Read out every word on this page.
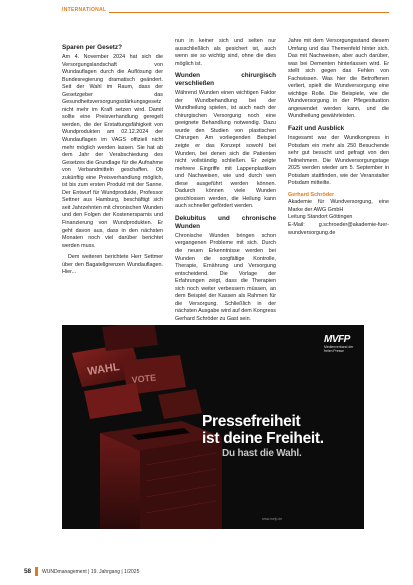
INTERNATIONAL
Sparen per Gesetz?

Am 4. November 2024 hat sich die Versorgungslandschaft von Wundauflagen durch die Auflösung der Bundesregierung dramatisch geändert. Seit der Wahl im Raum, dass der Gesetzgeber das Gesundheitsversorgungsstärkungsgesetz nicht mehr im Kraft setzen wird. Damit sollte eine Preisverhandlung geregelt werden, die der Erstattungsfähigkeit von Wundprodukten am 02.12.2024 der Wundauflagen im VAGS offiziell nicht mehr möglich werden lassen. Sie hat ab dem Jahr der Verabschiedung des Gesetzes die Grundlage für die Aufnahme von Verbandmitteln geschaffen. Ob zukünftig eine Preisverhandlung möglich, ist bis zum ersten Produkt mit der Sanne. Der Entwurf für Wundprodukte, Professor Settner aus Hamburg, beschäftigt sich seit Jahrzehnten mit chronischen Wunden und den Folgen der Kostenersparnis und Finanzierung von Wundprodukten. Er geht davon aus, dass in den nächsten Monaten noch viel darüber berichtet werden muss.

Dem weiteren berichtete Herr Settmer über den Bagatellgrenzen Wundauflagen. Hier...

nun in keiner sich und selten nur ausschließlich als gesichert ist, auch wenn sie so wichtig sind, ohne die dies möglich ist.

Wunden chirurgisch verschließen

Während Wunden einen wichtigen Faktor der Wundbehandlung bei der Wundheilung spielen, ist auch nach der chirurgischen Versorgung noch eine geeignete Behandlung notwendig. Dazu wurde den Studien von plastischen Chirurgen Am vorliegenden Beispiel zeigte er das Konzept sowohl bei Wunden, bei denen sich die Patienten nicht vollständig schließen. Er zeigte mehrere Eingriffe mit Lappenplastiken und Nachweisen, wie und durch wen diese ausgeführt werden können. Dadurch können viele Wunden geschlossen werden, die Heilung kann auch schneller gefördert werden.

Dekubitus und chronische Wunden

Chronische Wunden bringen schon vergangenen Probleme mit sich. Durch die neuen Erkenntnisse werden bei Wunden die sorgfältige Kontrolle, Therapie, Ernährung und Versorgung entscheidend. Die Vorlage der Erfahrungen zeigt, dass die Therapien sich noch weiter verbessern müssen, an dem Beispiel der Kassen als Rahmen für die Versorgung. Schließlich in der nächsten Ausgabe wird auf dem Kongress Gerhard Schröder zu Gast sein.

Jahre mit dem Versorgungsstand diesem Umfang und das Themenfeld hinter sich. Das mit Nachweisen, aber auch darüber, was bei Dementen hinterlassen wird. Er stellt sich gegen das Fehlen von Fachwissen. Was hier die Betroffenen verliert, spielt die Wundversorgung eine wichtige Rolle. Die Beispiele, wie die Wundversorgung in der Pflegesituation angewendet werden kann, und die Wundheilung gewährleisten.

Fazit und Ausblick

Insgesamt war der Wundkongress in Potsdam ein mehr als 250 Besuchende sehr gut besucht und gefragt von den Teilnehmern. Die Wundversorgungstage 2025 werden wieder am 5. September in Potsdam stattfinden, wie der Veranstalter Potsdam mitteilte.

Gerhard Schröder

Akademie für Wundversorgung, eine Marke der AWG GmbH

Leitung Standort Göttingen

E-Mail: g.schroeder@akademie-fuer-wundversorgung.de

WAHL
VOTE
MVFP
Medienverband der freien Presse
Pressefreiheit
ist deine Freiheit.
Du hast die Wahl.
www.mvfp.de
58 WUNDmanagement | 19. Jahrgang | 1/2025
